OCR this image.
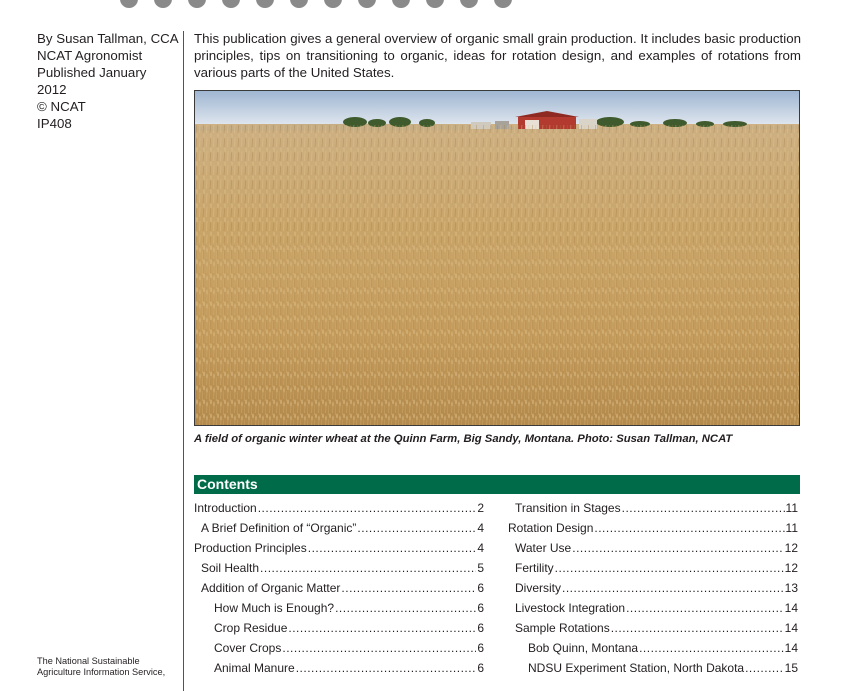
By Susan Tallman, CCA
NCAT Agronomist
Published January
2012
© NCAT
IP408
The National Sustainable Agriculture Information Service,
This publication gives a general overview of organic small grain production. It includes basic production principles, tips on transitioning to organic, ideas for rotation design, and examples of rotations from various parts of the United States.
A field of organic winter wheat at the Quinn Farm, Big Sandy, Montana. Photo: Susan Tallman, NCAT
Contents
Introduction .....	2
A Brief Definition of “Organic” .....	4
Production Principles .....	4
Soil Health .....	5
Addition of Organic Matter .....	6
How Much is Enough? .....	6
Crop Residue .....	6
Cover Crops .....	6
Animal Manure .....	6
Transition in Stages .....	11
Rotation Design .....	11
Water Use .....	12
Fertility .....	12
Diversity .....	13
Livestock Integration .....	14
Sample Rotations .....	14
Bob Quinn, Montana .....	14
NDSU Experiment Station, North Dakota .....	15
